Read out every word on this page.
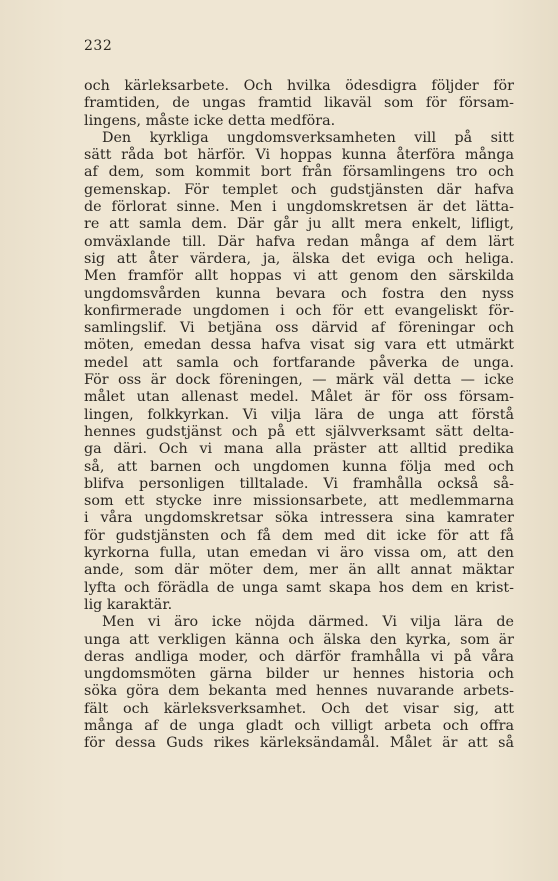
232
och kärleksarbete. Och hvilka ödesdigra följder för
framtiden, de ungas framtid likaväl som för försam-
lingens, måste icke detta medföra.
Den kyrkliga ungdomsverksamheten vill på sitt
sätt råda bot härför. Vi hoppas kunna återföra många
af dem, som kommit bort från församlingens tro och
gemenskap. För templet och gudstjänsten där hafva
de förlorat sinne. Men i ungdomskretsen är det lätta-
re att samla dem. Där går ju allt mera enkelt, lifligt,
omväxlande till. Där hafva redan många af dem lärt
sig att åter värdera, ja, älska det eviga och heliga.
Men framför allt hoppas vi att genom den särskilda
ungdomsvården kunna bevara och fostra den nyss
konfirmerade ungdomen i och för ett evangeliskt för-
samlingslif. Vi betjäna oss därvid af föreningar och
möten, emedan dessa hafva visat sig vara ett utmärkt
medel att samla och fortfarande påverka de unga.
För oss är dock föreningen, — märk väl detta — icke
målet utan allenast medel. Målet är för oss försam-
lingen, folkkyrkan. Vi vilja lära de unga att förstå
hennes gudstjänst och på ett självverksamt sätt delta-
ga däri. Och vi mana alla präster att alltid predika
så, att barnen och ungdomen kunna följa med och
blifva personligen tilltalade. Vi framhålla också så-
som ett stycke inre missionsarbete, att medlemmarna
i våra ungdomskretsar söka intressera sina kamrater
för gudstjänsten och få dem med dit icke för att få
kyrkorna fulla, utan emedan vi äro vissa om, att den
ande, som där möter dem, mer än allt annat mäktar
lyfta och förädla de unga samt skapa hos dem en krist-
lig karaktär.
Men vi äro icke nöjda därmed. Vi vilja lära de
unga att verkligen känna och älska den kyrka, som är
deras andliga moder, och därför framhålla vi på våra
ungdomsmöten gärna bilder ur hennes historia och
söka göra dem bekanta med hennes nuvarande arbets-
fält och kärleksverksamhet. Och det visar sig, att
många af de unga gladt och villigt arbeta och offra
för dessa Guds rikes kärleksändamål. Målet är att så
